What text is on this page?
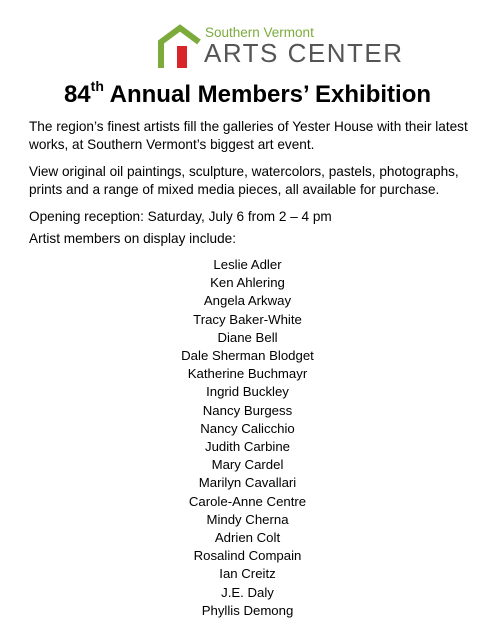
Southern Vermont
ARTS CENTER
84th Annual Members’ Exhibition

The region’s finest artists fill the galleries of Yester House with their latest works, at Southern Vermont’s biggest art event.

View original oil paintings, sculpture, watercolors, pastels, photographs, prints and a range of mixed media pieces, all available for purchase.

Opening reception: Saturday, July 6 from 2 – 4 pm

Artist members on display include:

Leslie Adler
Ken Ahlering
Angela Arkway
Tracy Baker-White
Diane Bell
Dale Sherman Blodget
Katherine Buchmayr
Ingrid Buckley
Nancy Burgess
Nancy Calicchio
Judith Carbine
Mary Cardel
Marilyn Cavallari
Carole-Anne Centre
Mindy Cherna
Adrien Colt
Rosalind Compain
Ian Creitz
J.E. Daly
Phyllis Demong
